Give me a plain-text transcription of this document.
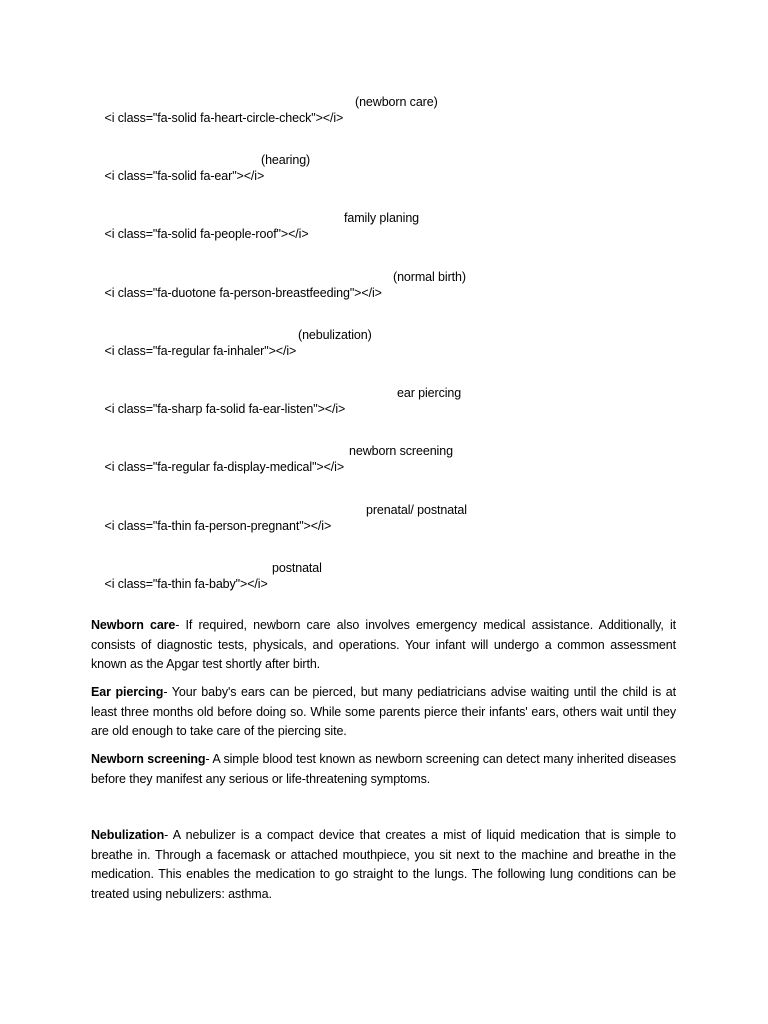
<i class="fa-solid fa-heart-circle-check"></i>

(newborn care)

<i class="fa-solid fa-ear"></i>

(hearing)

<i class="fa-solid fa-people-roof"></i>

family planing

<i class="fa-duotone fa-person-breastfeeding"></i>

(normal birth)

<i class="fa-regular fa-inhaler"></i>

(nebulization)

<i class="fa-sharp fa-solid fa-ear-listen"></i>

ear piercing

<i class="fa-regular fa-display-medical"></i>

newborn screening

<i class="fa-thin fa-person-pregnant"></i>

prenatal/ postnatal

<i class="fa-thin fa-baby"></i>

postnatal

Newborn care- If required, newborn care also involves emergency medical assistance. Additionally, it consists of diagnostic tests, physicals, and operations. Your infant will undergo a common assessment known as the Apgar test shortly after birth.

Ear piercing- Your baby's ears can be pierced, but many pediatricians advise waiting until the child is at least three months old before doing so. While some parents pierce their infants' ears, others wait until they are old enough to take care of the piercing site.

Newborn screening- A simple blood test known as newborn screening can detect many inherited diseases before they manifest any serious or life-threatening symptoms.

Nebulization- A nebulizer is a compact device that creates a mist of liquid medication that is simple to breathe in. Through a facemask or attached mouthpiece, you sit next to the machine and breathe in the medication. This enables the medication to go straight to the lungs. The following lung conditions can be treated using nebulizers: asthma.
